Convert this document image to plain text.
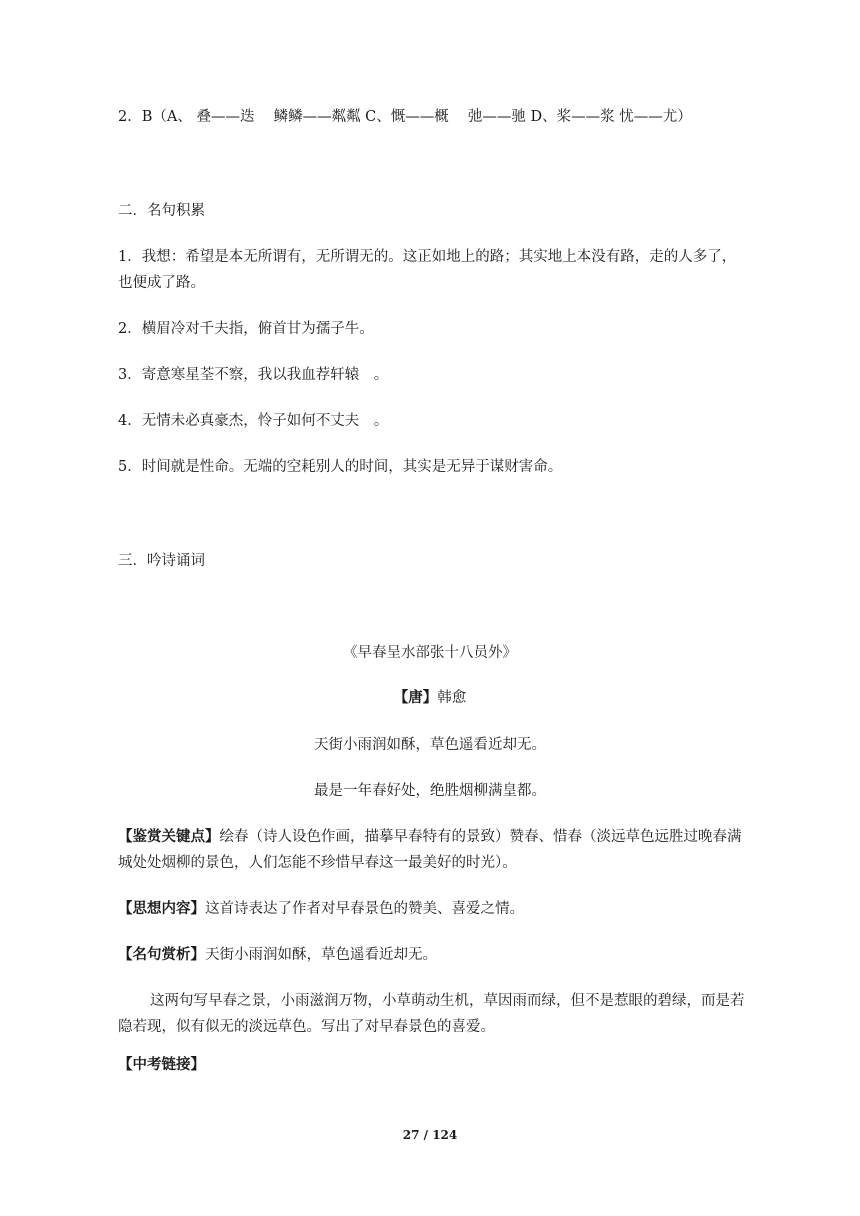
2．B（A、 叠——迭　 鳞鳞——粼粼 C、慨——概　 弛——驰 D、桨——浆 忧——尤）
二．名句积累
1．我想：希望是本无所谓有，无所谓无的。这正如地上的路；其实地上本没有路，走的人多了，也便成了路。
2．横眉冷对千夫指，俯首甘为孺子牛。
3．寄意寒星荃不察，我以我血荐轩辕　。
4．无情未必真豪杰，怜子如何不丈夫　。
5．时间就是性命。无端的空耗别人的时间，其实是无异于谋财害命。
三．吟诗诵词
《早春呈水部张十八员外》
【唐】韩愈
天街小雨润如酥，草色遥看近却无。
最是一年春好处，绝胜烟柳满皇都。
【鉴赏关键点】绘春（诗人设色作画，描摹早春特有的景致）赞春、惜春（淡远草色远胜过晚春满城处处烟柳的景色，人们怎能不珍惜早春这一最美好的时光）。
【思想内容】这首诗表达了作者对早春景色的赞美、喜爱之情。
【名句赏析】天街小雨润如酥，草色遥看近却无。
这两句写早春之景，小雨滋润万物，小草萌动生机，草因雨而绿，但不是惹眼的碧绿，而是若隐若现，似有似无的淡远草色。写出了对早春景色的喜爱。
【中考链接】
27 / 124
